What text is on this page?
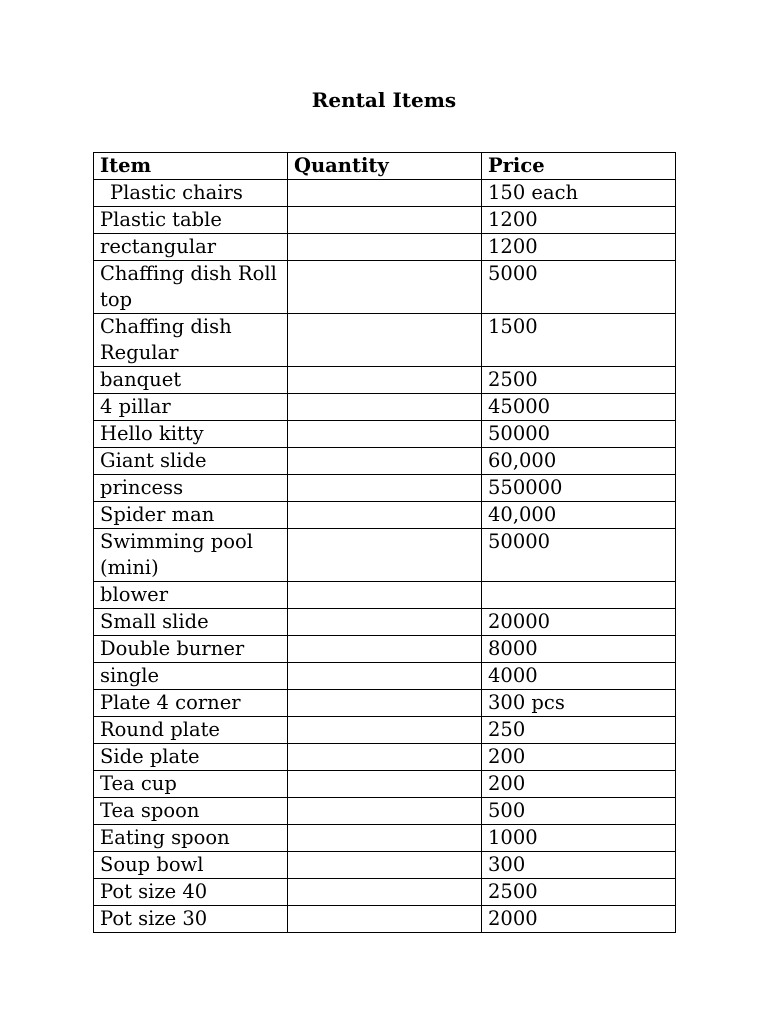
Rental Items
Item	Quantity	Price
Plastic chairs		150 each
Plastic table		1200
rectangular		1200
Chaffing dish Roll top		5000
Chaffing dish Regular		1500
banquet		2500
4 pillar		45000
Hello kitty		50000
Giant slide		60,000
princess		550000
Spider man		40,000
Swimming pool (mini)		50000
blower		
Small slide		20000
Double burner		8000
single		4000
Plate 4 corner		300 pcs
Round plate		250
Side plate		200
Tea cup		200
Tea spoon		500
Eating spoon		1000
Soup bowl		300
Pot size 40		2500
Pot size 30		2000
